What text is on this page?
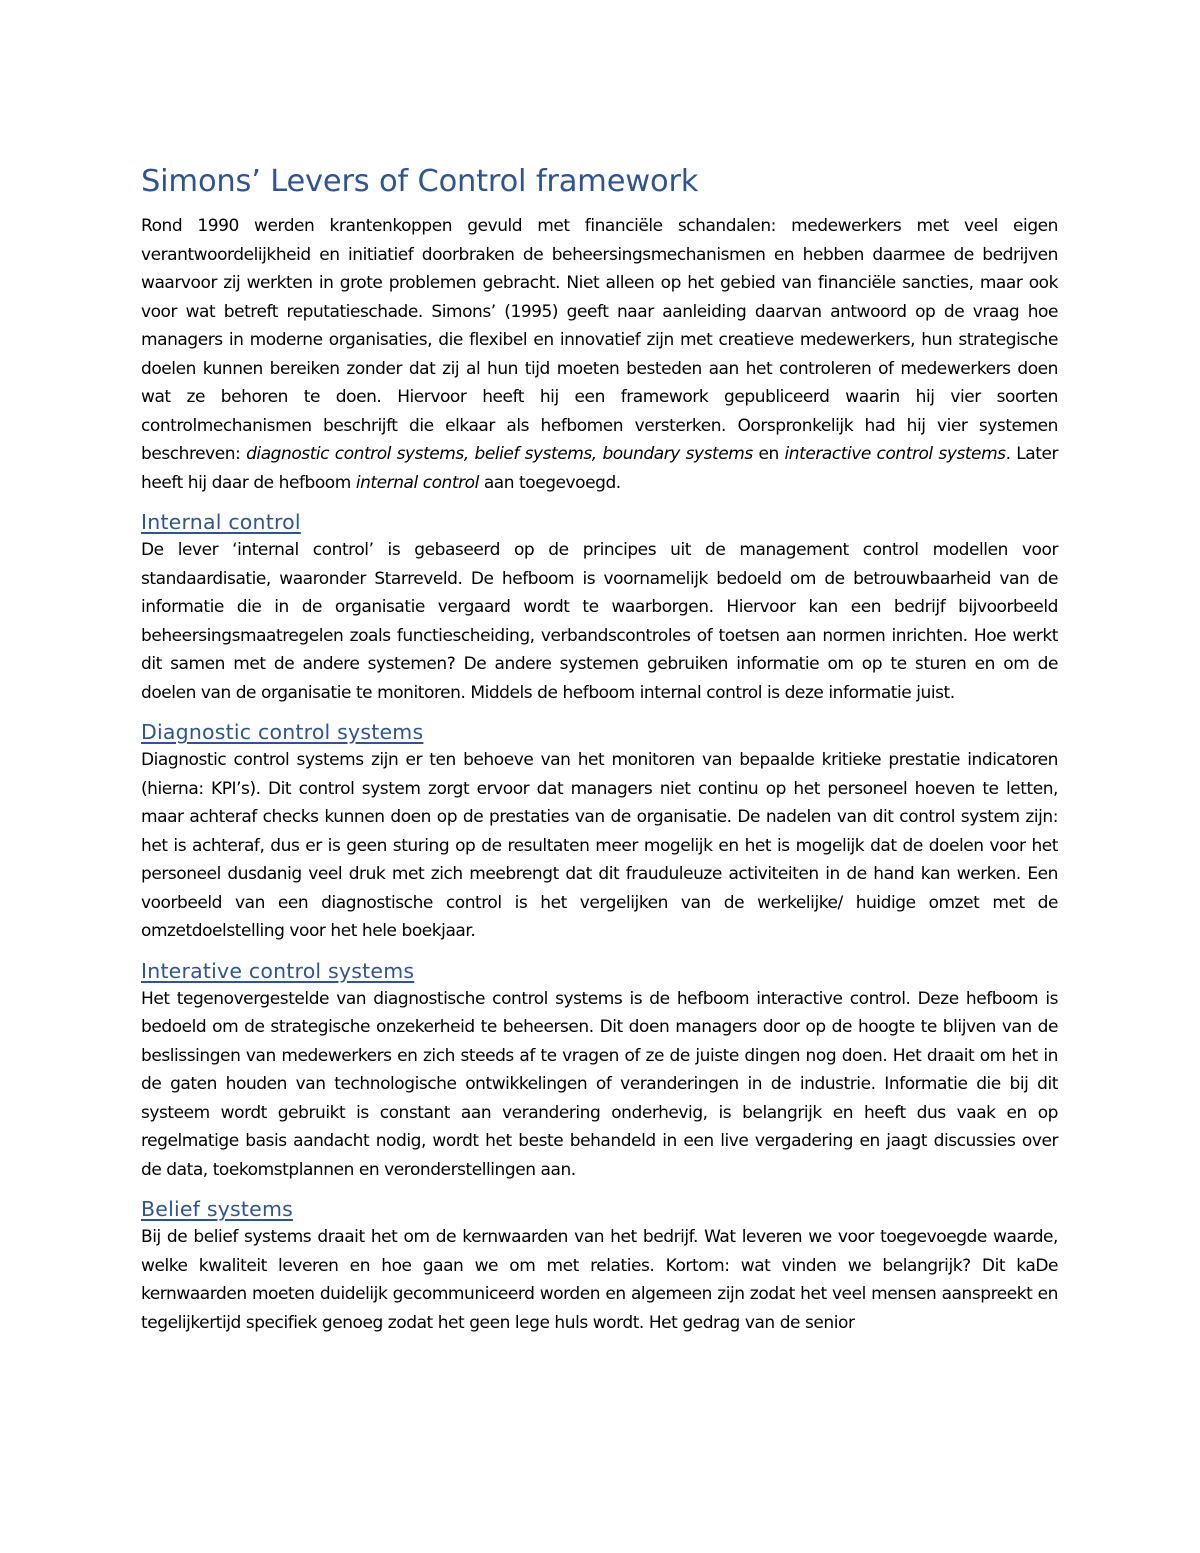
Simons’ Levers of Control framework

Rond 1990 werden krantenkoppen gevuld met financiële schandalen: medewerkers met veel eigen verantwoordelijkheid en initiatief doorbraken de beheersingsmechanismen en hebben daarmee de bedrijven waarvoor zij werkten in grote problemen gebracht. Niet alleen op het gebied van financiële sancties, maar ook voor wat betreft reputatieschade. Simons’ (1995) geeft naar aanleiding daarvan antwoord op de vraag hoe managers in moderne organisaties, die flexibel en innovatief zijn met creatieve medewerkers, hun strategische doelen kunnen bereiken zonder dat zij al hun tijd moeten besteden aan het controleren of medewerkers doen wat ze behoren te doen. Hiervoor heeft hij een framework gepubliceerd waarin hij vier soorten controlmechanismen beschrijft die elkaar als hefbomen versterken. Oorspronkelijk had hij vier systemen beschreven: diagnostic control systems, belief systems, boundary systems en interactive control systems. Later heeft hij daar de hefboom internal control aan toegevoegd.

Internal control

De lever ‘internal control’ is gebaseerd op de principes uit de management control modellen voor standaardisatie, waaronder Starreveld. De hefboom is voornamelijk bedoeld om de betrouwbaarheid van de informatie die in de organisatie vergaard wordt te waarborgen. Hiervoor kan een bedrijf bijvoorbeeld beheersingsmaatregelen zoals functiescheiding, verbandscontroles of toetsen aan normen inrichten. Hoe werkt dit samen met de andere systemen? De andere systemen gebruiken informatie om op te sturen en om de doelen van de organisatie te monitoren. Middels de hefboom internal control is deze informatie juist.

Diagnostic control systems

Diagnostic control systems zijn er ten behoeve van het monitoren van bepaalde kritieke prestatie indicatoren (hierna: KPI’s). Dit control system zorgt ervoor dat managers niet continu op het personeel hoeven te letten, maar achteraf checks kunnen doen op de prestaties van de organisatie. De nadelen van dit control system zijn: het is achteraf, dus er is geen sturing op de resultaten meer mogelijk en het is mogelijk dat de doelen voor het personeel dusdanig veel druk met zich meebrengt dat dit frauduleuze activiteiten in de hand kan werken. Een voorbeeld van een diagnostische control is het vergelijken van de werkelijke/ huidige omzet met de omzetdoelstelling voor het hele boekjaar.

Interative control systems

Het tegenovergestelde van diagnostische control systems is de hefboom interactive control. Deze hefboom is bedoeld om de strategische onzekerheid te beheersen. Dit doen managers door op de hoogte te blijven van de beslissingen van medewerkers en zich steeds af te vragen of ze de juiste dingen nog doen. Het draait om het in de gaten houden van technologische ontwikkelingen of veranderingen in de industrie. Informatie die bij dit systeem wordt gebruikt is constant aan verandering onderhevig, is belangrijk en heeft dus vaak en op regelmatige basis aandacht nodig, wordt het beste behandeld in een live vergadering en jaagt discussies over de data, toekomstplannen en veronderstellingen aan.

Belief systems

Bij de belief systems draait het om de kernwaarden van het bedrijf. Wat leveren we voor toegevoegde waarde, welke kwaliteit leveren en hoe gaan we om met relaties. Kortom: wat vinden we belangrijk? Dit kaDe kernwaarden moeten duidelijk gecommuniceerd worden en algemeen zijn zodat het veel mensen aanspreekt en tegelijkertijd specifiek genoeg zodat het geen lege huls wordt. Het gedrag van de senior
